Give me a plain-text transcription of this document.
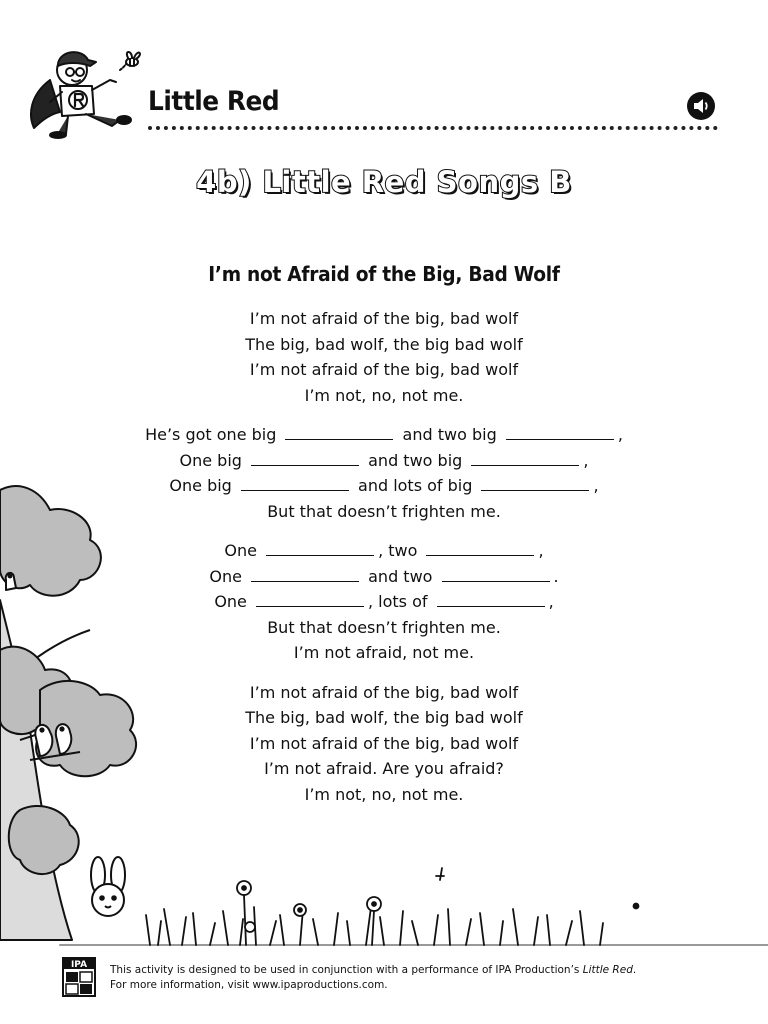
Little Red
4b) Little Red Songs B
I’m not Afraid of the Big, Bad Wolf
I’m not afraid of the big, bad wolf
The big, bad wolf, the big bad wolf
I’m not afraid of the big, bad wolf
I’m not, no, not me.
He’s got one big	and two big	,
One big	and two big	,
One big	and lots of big	,
But that doesn’t frighten me.
One	, two	,
One	and two	.
One	, lots of	,
But that doesn’t frighten me.
I’m not afraid, not me.
I’m not afraid of the big, bad wolf
The big, bad wolf, the big bad wolf
I’m not afraid of the big, bad wolf
I’m not afraid. Are you afraid?
I’m not, no, not me.
IPA This activity is designed to be used in conjunction with a performance of IPA Production’s Little Red.
For more information, visit www.ipaproductions.com.
